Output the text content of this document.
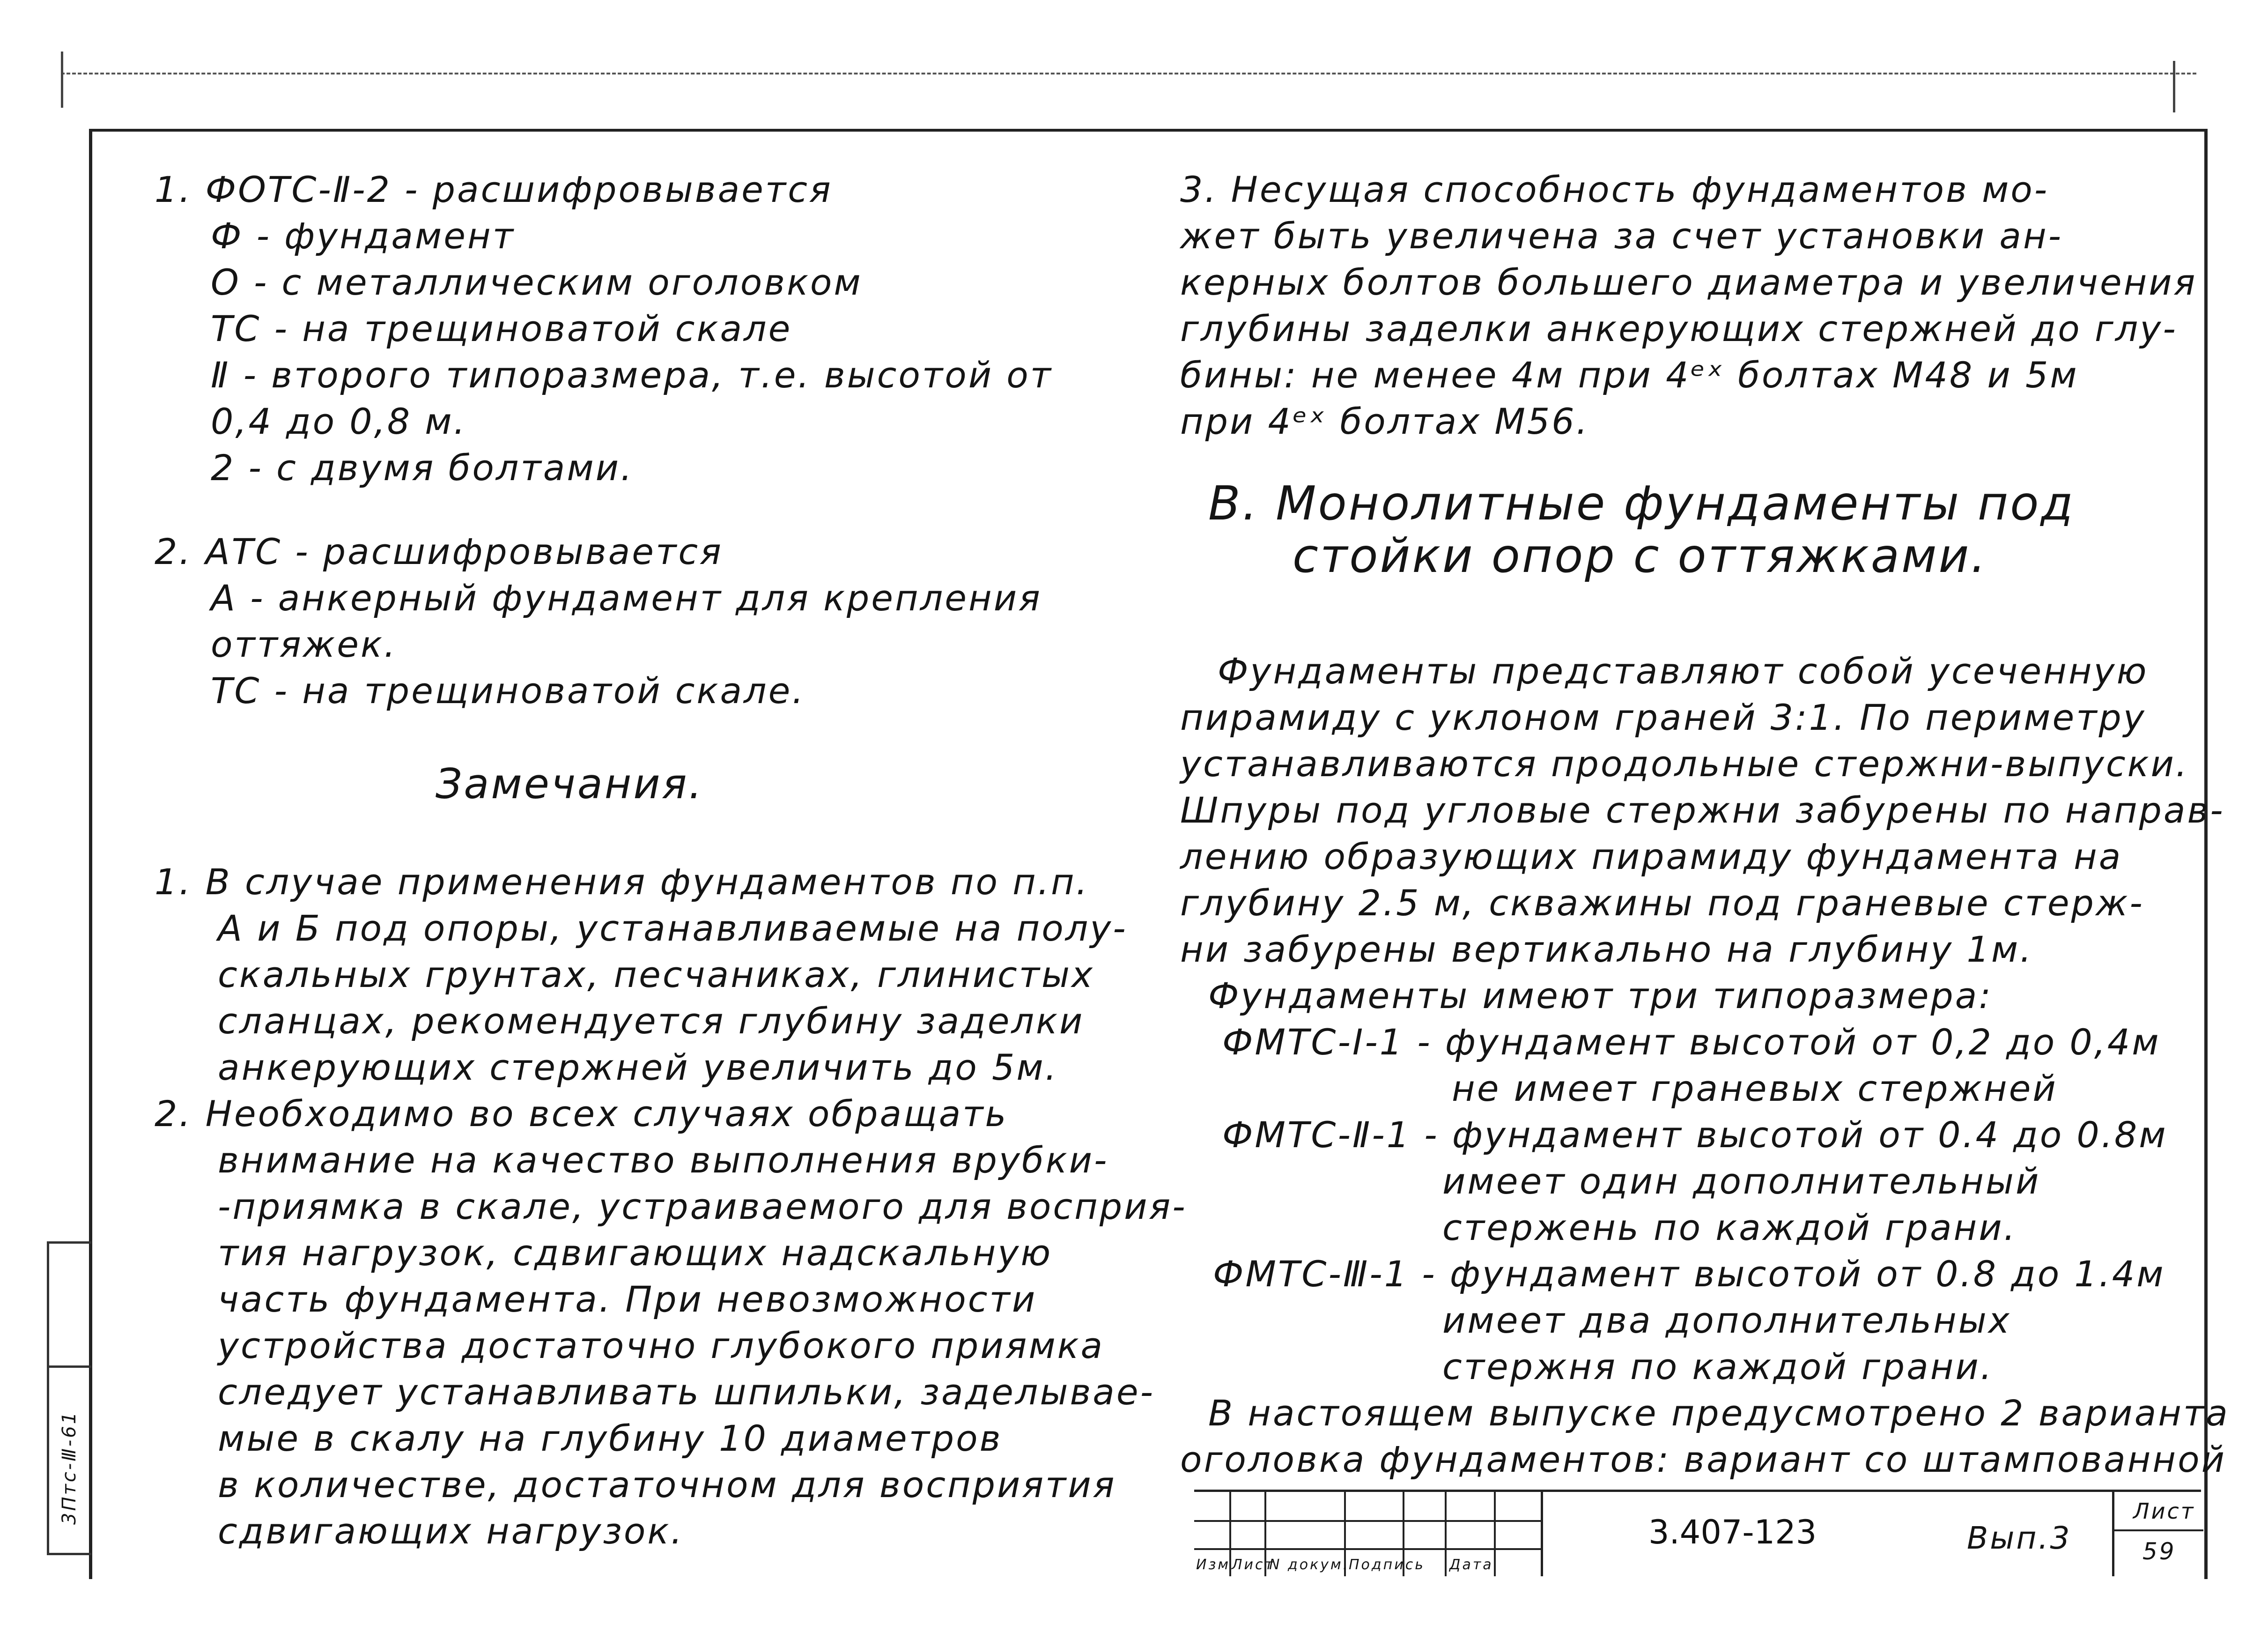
3Птс-Ⅲ-61

1. ФОТС-Ⅱ-2 - расшифровывается

Ф - фундамент

О - с металлическим оголовком

ТС - на трещиноватой скале

Ⅱ - второго типоразмера, т.е. высотой от

0,4 до 0,8 м.

2 - с двумя болтами.

2. АТС - расшифровывается

А - анкерный фундамент для крепления

оттяжек.

ТС - на трещиноватой скале.

Замечания.

1. В случае применения фундаментов по п.п.

А и Б под опоры, устанавливаемые на полу-

скальных грунтах, песчаниках, глинистых

сланцах, рекомендуется глубину заделки

анкерующих стержней увеличить до 5м.

2. Необходимо во всех случаях обращать

внимание на качество выполнения врубки-

-приямка в скале, устраиваемого для восприя-

тия нагрузок, сдвигающих надскальную

часть фундамента. При невозможности

устройства достаточно глубокого приямка

следует устанавливать шпильки, заделывае-

мые в скалу на глубину 10 диаметров

в количестве, достаточном для восприятия

сдвигающих нагрузок.

3. Несущая способность фундаментов мо-

жет быть увеличена за счет установки ан-

керных болтов большего диаметра и увеличения

глубины заделки анкерующих стержней до глу-

бины: не менее 4м при 4ᵉˣ болтах М48 и 5м

при 4ᵉˣ болтах М56.

В. Монолитные фундаменты под

стойки опор с оттяжками.

Фундаменты представляют собой усеченную

пирамиду с уклоном граней 3:1. По периметру

устанавливаются продольные стержни-выпуски.

Шпуры под угловые стержни забурены по направ-

лению образующих пирамиду фундамента на

глубину 2.5 м, скважины под граневые стерж-

ни забурены вертикально на глубину 1м.

Фундаменты имеют три типоразмера:

ФМТС-Ⅰ-1 - фундамент высотой от 0,2 до 0,4м

не имеет граневых стержней

ФМТС-Ⅱ-1 - фундамент высотой от 0.4 до 0.8м

имеет один дополнительный

стержень по каждой грани.

ФМТС-Ⅲ-1 - фундамент высотой от 0.8 до 1.4м

имеет два дополнительных

стержня по каждой грани.

В настоящем выпуске предусмотрено 2 варианта

оголовка фундаментов: вариант со штампованной

Изм Лист
N докум.
Подпись Дата
3.407-123	Вып.3
Лист
59
